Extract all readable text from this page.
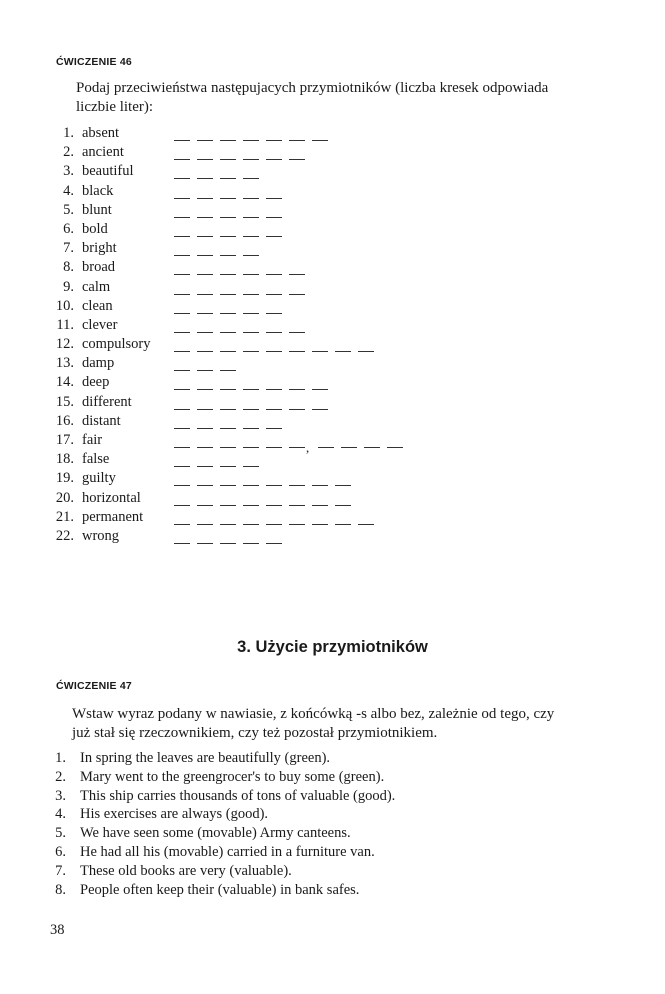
ĆWICZENIE 46
Podaj przeciwieństwa następujacych przymiotników (liczba kresek odpowiada
liczbie liter):
1. absent
2. ancient
3. beautiful
4. black
5. blunt
6. bold
7. bright
8. broad
9. calm
10. clean
11. clever
12. compulsory
13. damp
14. deep
15. different
16. distant
17. fair	,
18. false
19. guilty
20. horizontal
21. permanent
22. wrong
3. Użycie przymiotników
ĆWICZENIE 47
Wstaw wyraz podany w nawiasie, z końcówką -s albo bez, zależnie od tego, czy
już stał się rzeczownikiem, czy też pozostał przymiotnikiem.
1. In spring the leaves are beautifully (green).
2. Mary went to the greengrocer's to buy some (green).
3. This ship carries thousands of tons of valuable (good).
4. His exercises are always (good).
5. We have seen some (movable) Army canteens.
6. He had all his (movable) carried in a furniture van.
7. These old books are very (valuable).
8. People often keep their (valuable) in bank safes.
38
